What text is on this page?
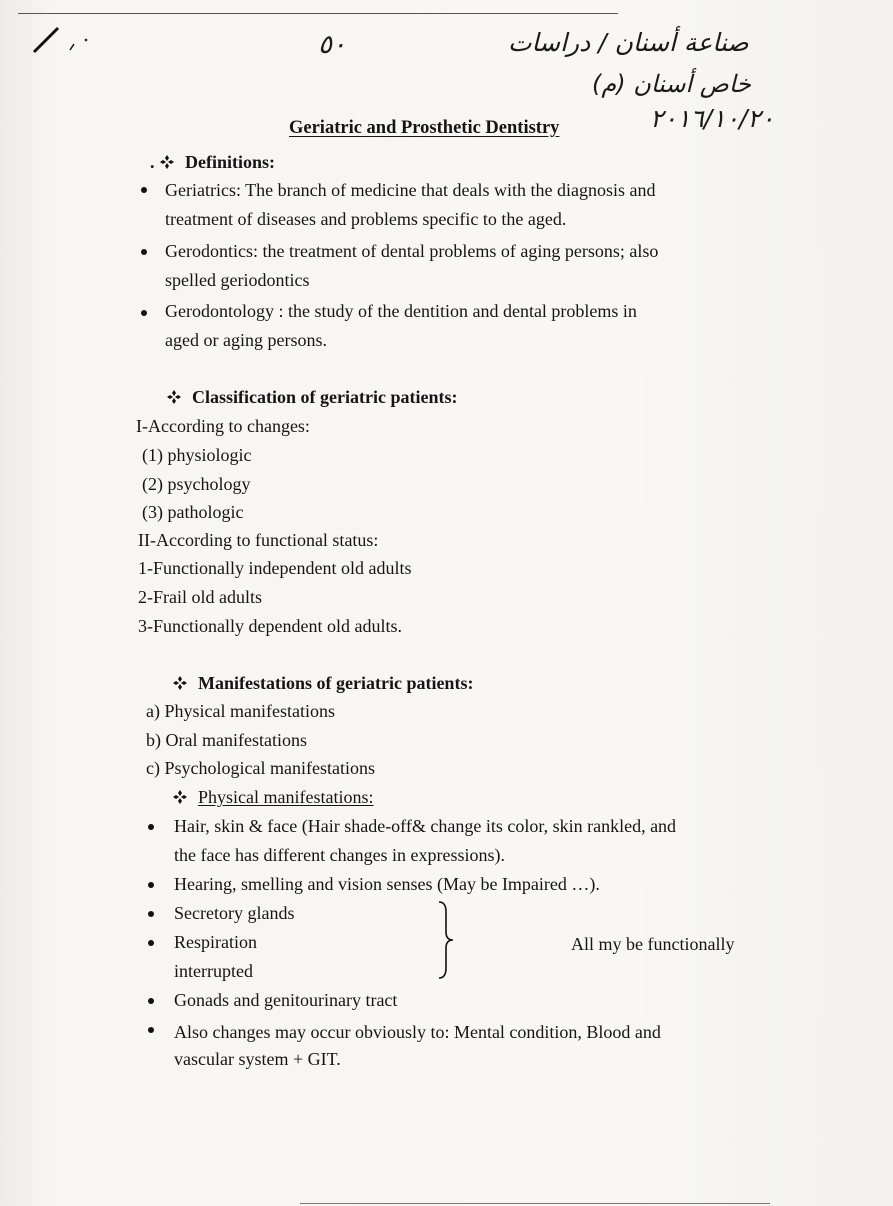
٥٠	صناعة أسنان / دراسات
خاص أسنان (م)
٢٠١٦/١٠/٢٠
Geriatric and Prosthetic Dentistry
. Definitions:
Geriatrics: The branch of medicine that deals with the diagnosis and
treatment of diseases and problems specific to the aged.
Gerodontics: the treatment of dental problems of aging persons; also
spelled geriodontics
Gerodontology : the study of the dentition and dental problems in
aged or aging persons.
Classification of geriatric patients:
I-According to changes:
(1) physiologic
(2) psychology
(3) pathologic
II-According to functional status:
1-Functionally independent old adults
2-Frail old adults
3-Functionally dependent old adults.
Manifestations of geriatric patients:
a) Physical manifestations
b) Oral manifestations
c) Psychological manifestations
Physical manifestations:
Hair, skin & face (Hair shade-off& change its color, skin rankled, and
the face has different changes in expressions).
Hearing, smelling and vision senses (May be Impaired …).
Secretory glands
Respiration
interrupted
All my be functionally
Gonads and genitourinary tract
Also changes may occur obviously to: Mental condition, Blood and
vascular system + GIT.
